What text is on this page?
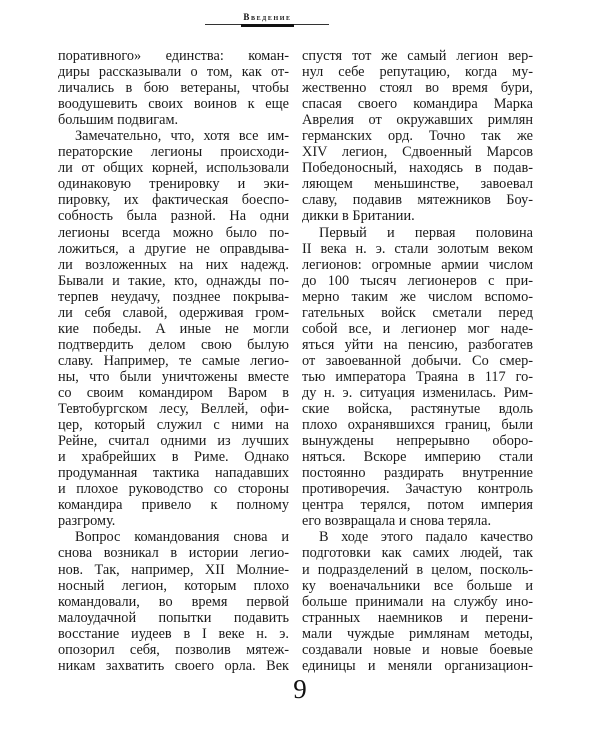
Введение
поративного» единства: коман-
диры рассказывали о том, как от-
личались в бою ветераны, чтобы
воодушевить своих воинов к еще
большим подвигам.
Замечательно, что, хотя все им-
ператорские легионы происходи-
ли от общих корней, использовали
одинаковую тренировку и эки-
пировку, их фактическая боеспо-
собность была разной. На одни
легионы всегда можно было по-
ложиться, а другие не оправдыва-
ли возложенных на них надежд.
Бывали и такие, кто, однажды по-
терпев неудачу, позднее покрыва-
ли себя славой, одерживая гром-
кие победы. А иные не могли
подтвердить делом свою былую
славу. Например, те самые легио-
ны, что были уничтожены вместе
со своим командиром Варом в
Тевтобургском лесу, Веллей, офи-
цер, который служил с ними на
Рейне, считал одними из лучших
и храбрейших в Риме. Однако
продуманная тактика нападавших
и плохое руководство со стороны
командира привело к полному
разгрому.
Вопрос командования снова и
снова возникал в истории легио-
нов. Так, например, XII Молние-
носный легион, которым плохо
командовали, во время первой
малоудачной попытки подавить
восстание иудеев в I веке н. э.
опозорил себя, позволив мятеж-
никам захватить своего орла. Век
спустя тот же самый легион вер-
нул себе репутацию, когда му-
жественно стоял во время бури,
спасая своего командира Марка
Аврелия от окружавших римлян
германских орд. Точно так же
XIV легион, Сдвоенный Марсов
Победоносный, находясь в подав-
ляющем меньшинстве, завоевал
славу, подавив мятежников Боу-
дикки в Британии.
Первый и первая половина
II века н. э. стали золотым веком
легионов: огромные армии числом
до 100 тысяч легионеров с при-
мерно таким же числом вспомо-
гательных войск сметали перед
собой все, и легионер мог наде-
яться уйти на пенсию, разбогатев
от завоеванной добычи. Со смер-
тью императора Траяна в 117 го-
ду н. э. ситуация изменилась. Рим-
ские войска, растянутые вдоль
плохо охранявшихся границ, были
вынуждены непрерывно оборо-
няться. Вскоре империю стали
постоянно раздирать внутренние
противоречия. Зачастую контроль
центра терялся, потом империя
его возвращала и снова теряла.
В ходе этого падало качество
подготовки как самих людей, так
и подразделений в целом, посколь-
ку военачальники все больше и
больше принимали на службу ино-
странных наемников и перени-
мали чуждые римлянам методы,
создавали новые и новые боевые
единицы и меняли организацион-
9
